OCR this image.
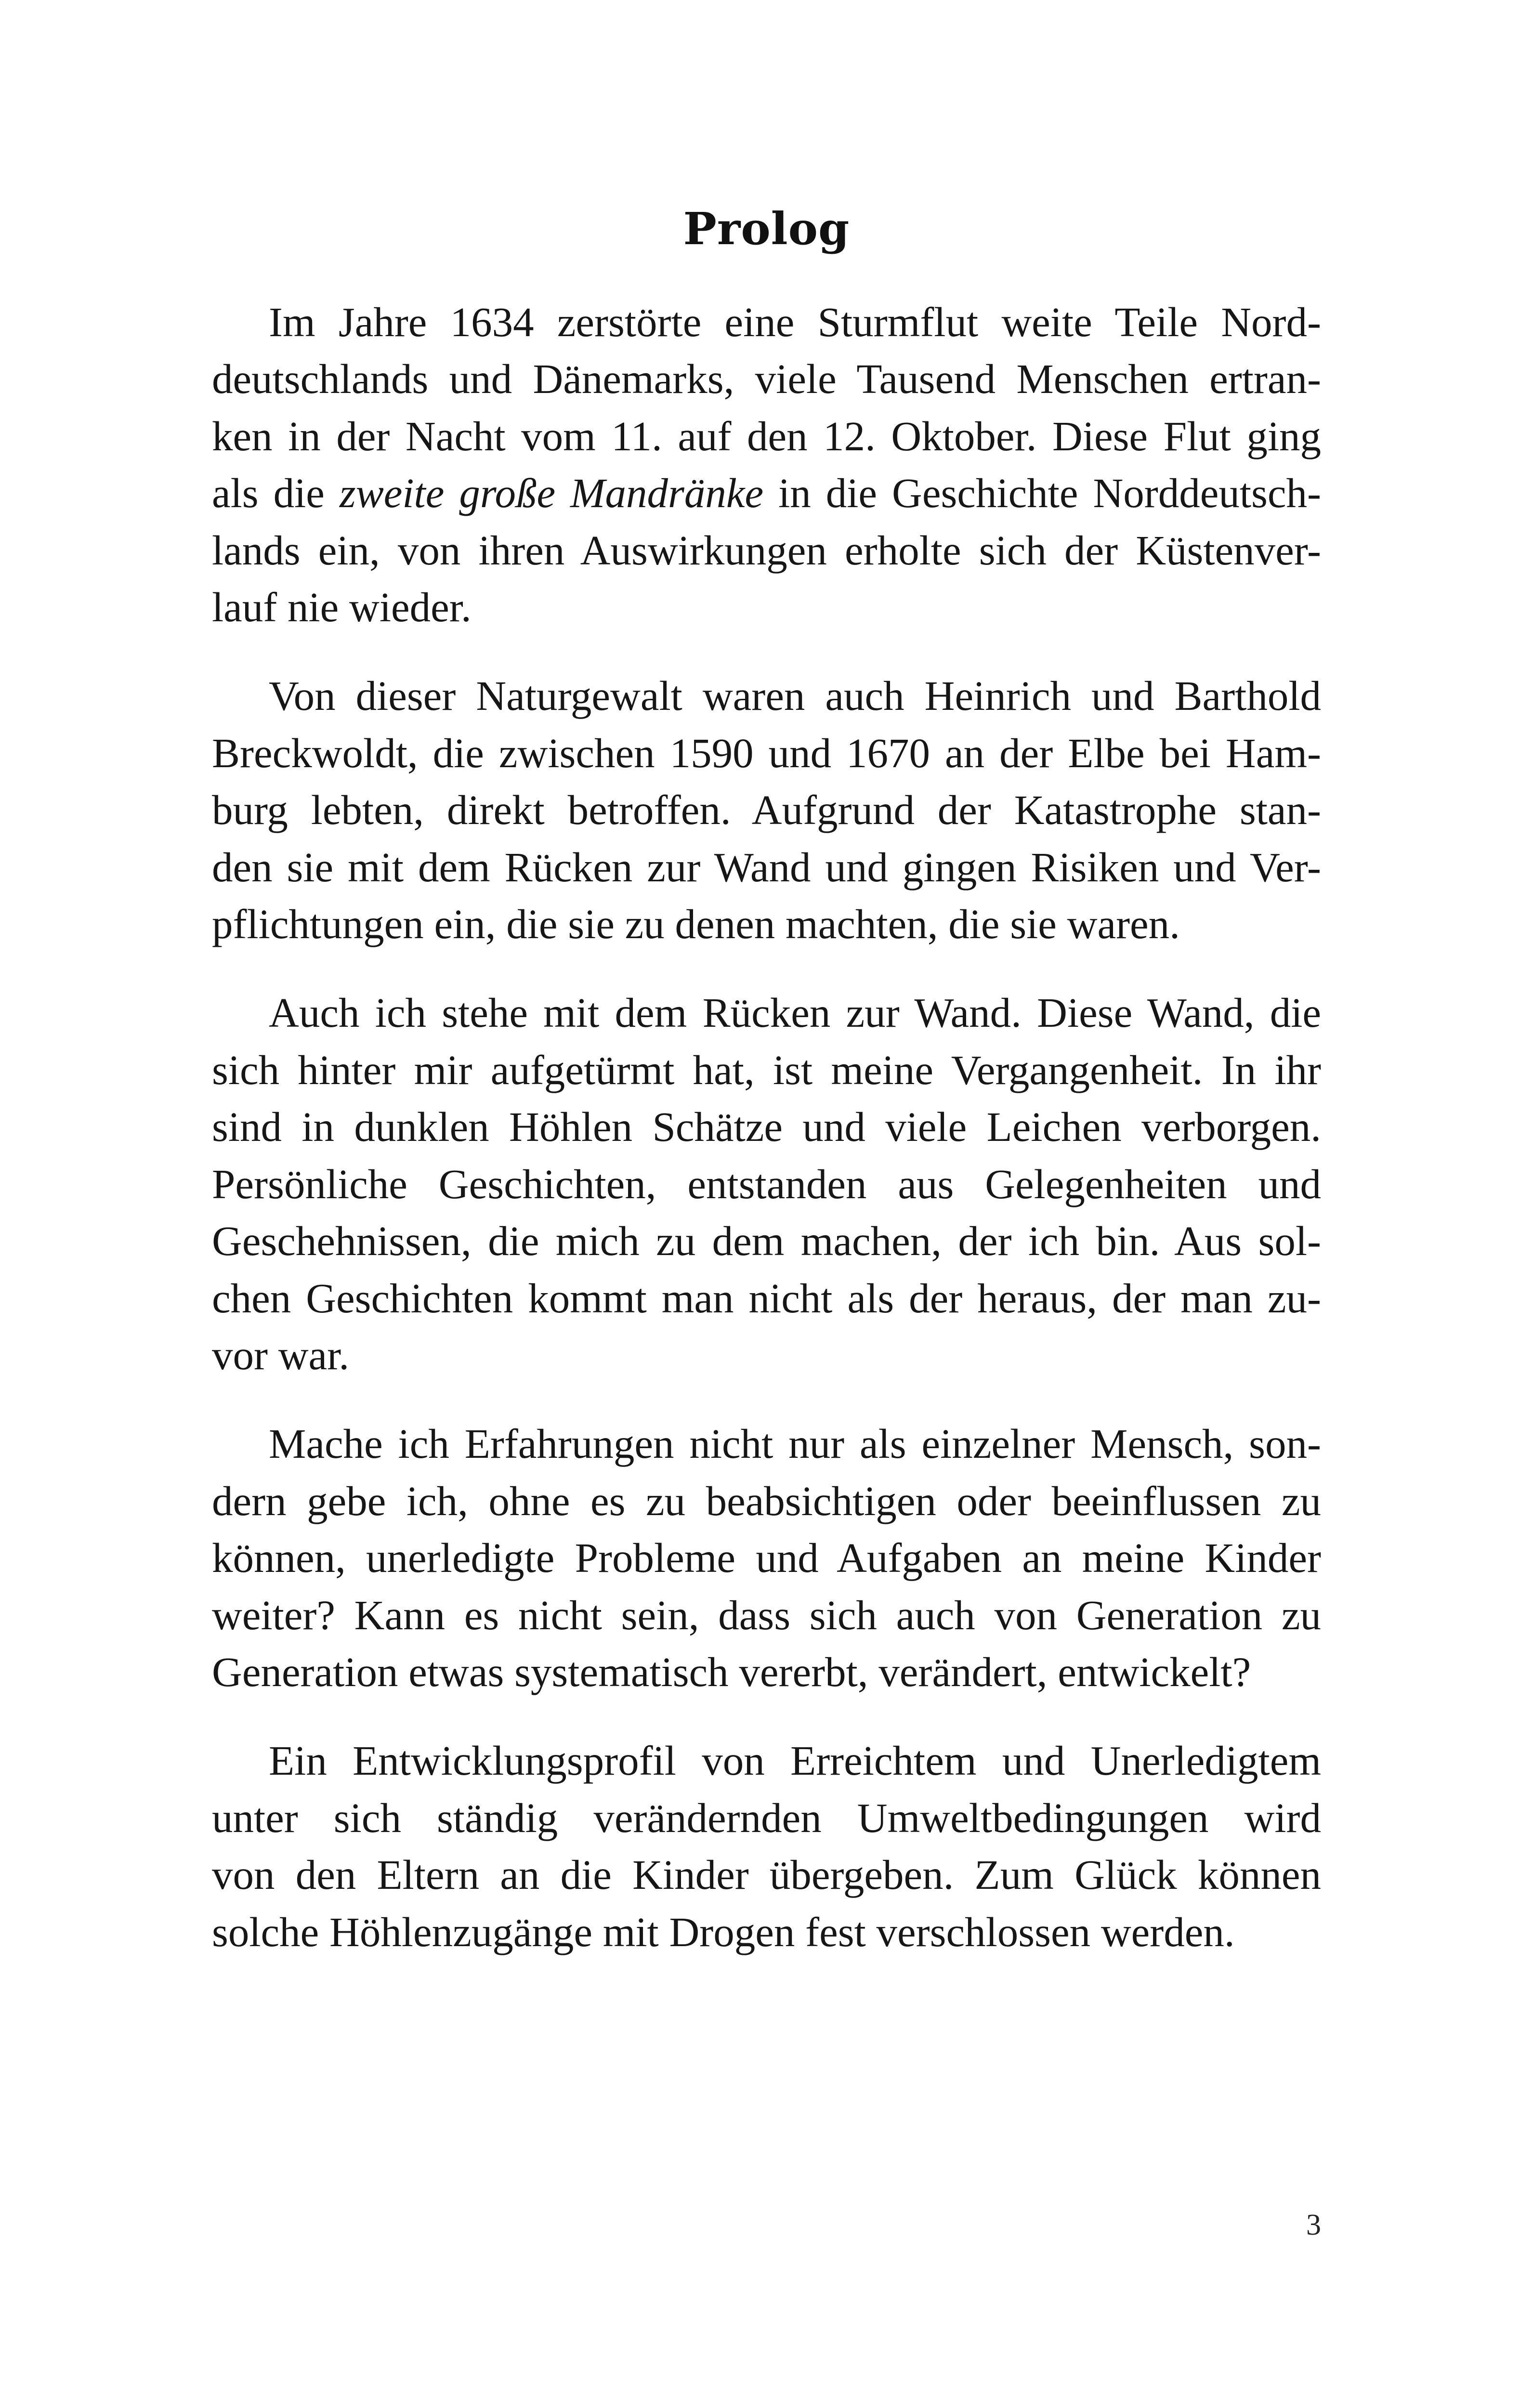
Prolog

Im Jahre 1634 zerstörte eine Sturmflut weite Teile Nord-
deutschlands und Dänemarks, viele Tausend Menschen ertran-
ken in der Nacht vom 11. auf den 12. Oktober. Diese Flut ging
als die zweite große Mandränke in die Geschichte Norddeutsch-
lands ein, von ihren Auswirkungen erholte sich der Küstenver-
lauf nie wieder.

Von dieser Naturgewalt waren auch Heinrich und Barthold
Breckwoldt, die zwischen 1590 und 1670 an der Elbe bei Ham-
burg lebten, direkt betroffen. Aufgrund der Katastrophe stan-
den sie mit dem Rücken zur Wand und gingen Risiken und Ver-
pflichtungen ein, die sie zu denen machten, die sie waren.

Auch ich stehe mit dem Rücken zur Wand. Diese Wand, die
sich hinter mir aufgetürmt hat, ist meine Vergangenheit. In ihr
sind in dunklen Höhlen Schätze und viele Leichen verborgen.
Persönliche Geschichten, entstanden aus Gelegenheiten und
Geschehnissen, die mich zu dem machen, der ich bin. Aus sol-
chen Geschichten kommt man nicht als der heraus, der man zu-
vor war.

Mache ich Erfahrungen nicht nur als einzelner Mensch, son-
dern gebe ich, ohne es zu beabsichtigen oder beeinflussen zu
können, unerledigte Probleme und Aufgaben an meine Kinder
weiter? Kann es nicht sein, dass sich auch von Generation zu
Generation etwas systematisch vererbt, verändert, entwickelt?

Ein Entwicklungsprofil von Erreichtem und Unerledigtem
unter sich ständig verändernden Umweltbedingungen wird
von den Eltern an die Kinder übergeben. Zum Glück können
solche Höhlenzugänge mit Drogen fest verschlossen werden.

3
